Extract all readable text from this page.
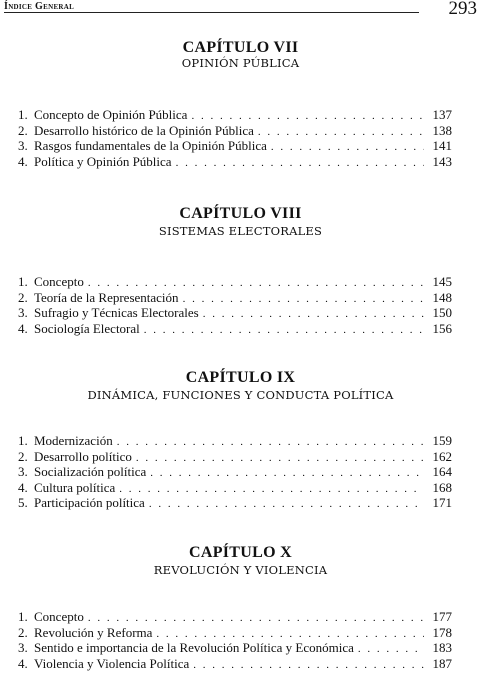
Índice General	293
CAPÍTULO VII
OPINIÓN PÚBLICA
1. Concepto de Opinión Pública . . .	137
2. Desarrollo histórico de la Opinión Pública . . .	138
3. Rasgos fundamentales de la Opinión Pública . . .	141
4. Política y Opinión Pública . . .	143
CAPÍTULO VIII
SISTEMAS ELECTORALES
1. Concepto . . .	145
2. Teoría de la Representación . . .	148
3. Sufragio y Técnicas Electorales . . .	150
4. Sociología Electoral . . .	156
CAPÍTULO IX
DINÁMICA, FUNCIONES Y CONDUCTA POLÍTICA
1. Modernización . . .	159
2. Desarrollo político . . .	162
3. Socialización política . . .	164
4. Cultura política . . .	168
5. Participación política . . .	171
CAPÍTULO X
REVOLUCIÓN Y VIOLENCIA
1. Concepto . . .	177
2. Revolución y Reforma . . .	178
3. Sentido e importancia de la Revolución Política y Económica . . .	183
4. Violencia y Violencia Política . . .	187
